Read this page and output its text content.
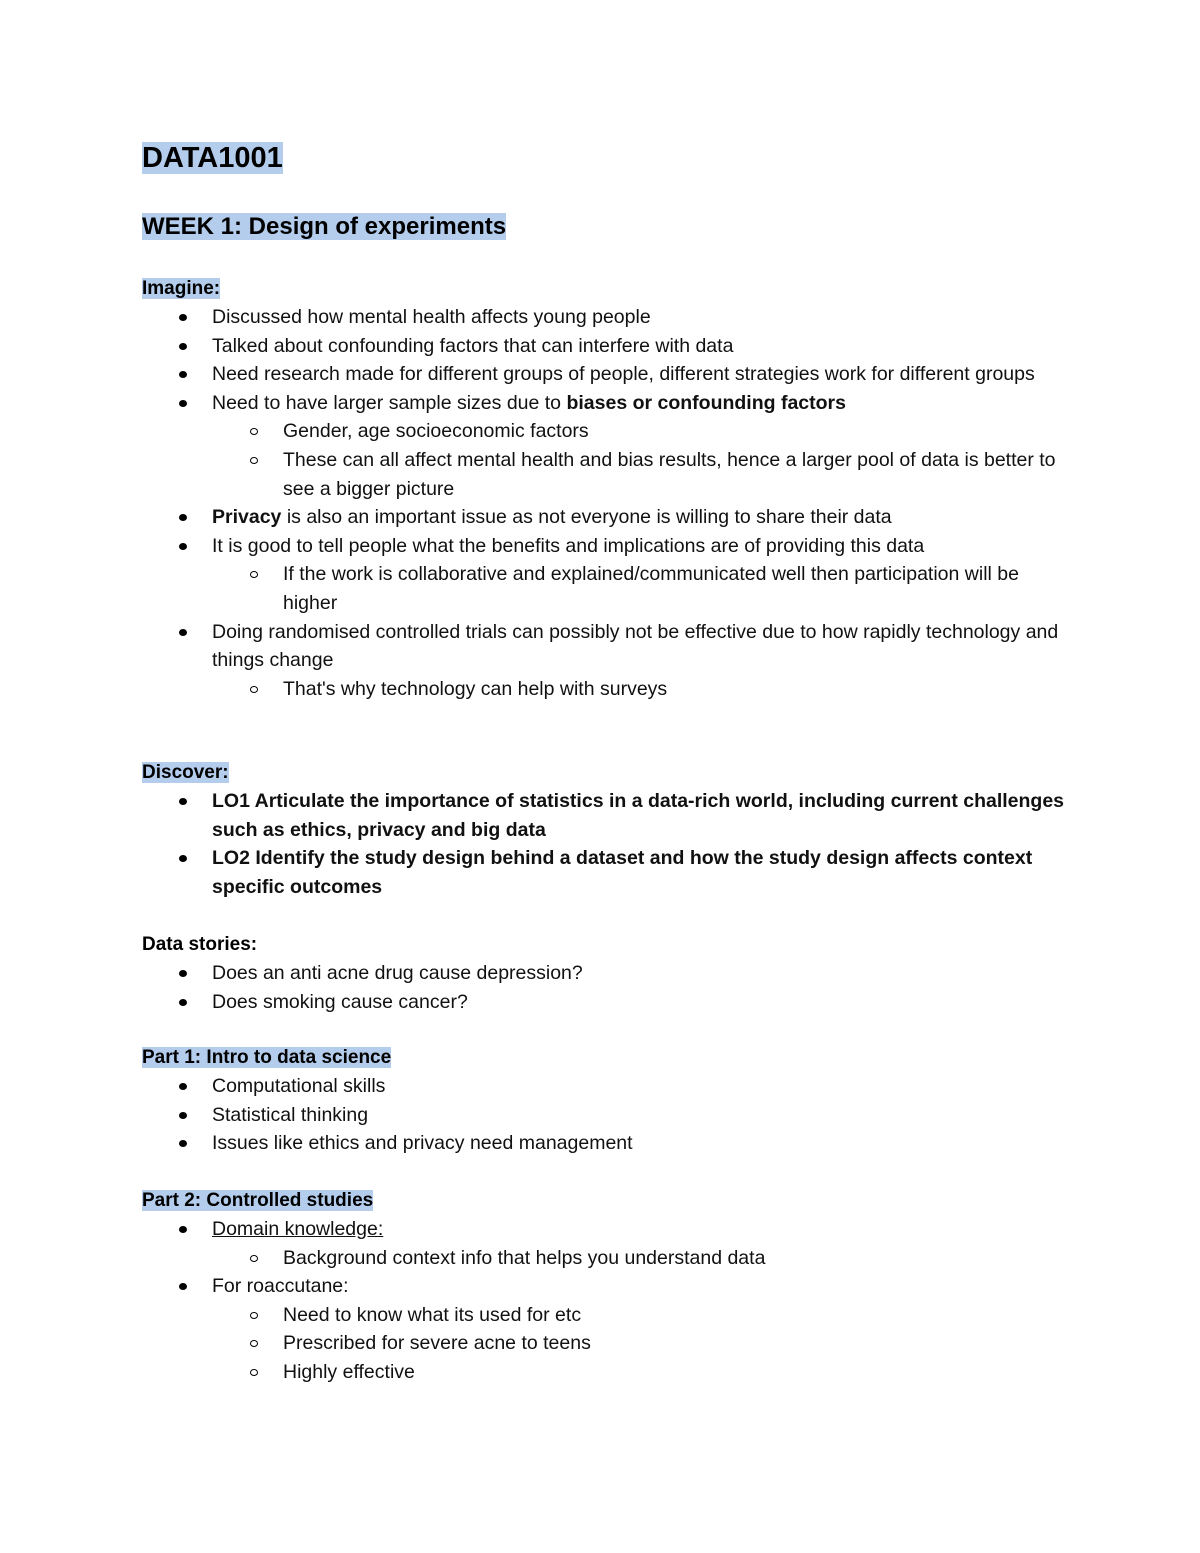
DATA1001
WEEK 1: Design of experiments
Imagine:
Discussed how mental health affects young people
Talked about confounding factors that can interfere with data
Need research made for different groups of people, different strategies work for different groups
Need to have larger sample sizes due to biases or confounding factors
Gender, age socioeconomic factors
These can all affect mental health and bias results, hence a larger pool of data is better to see a bigger picture
Privacy is also an important issue as not everyone is willing to share their data
It is good to tell people what the benefits and implications are of providing this data
If the work is collaborative and explained/communicated well then participation will be higher
Doing randomised controlled trials can possibly not be effective due to how rapidly technology and things change
That's why technology can help with surveys
Discover:
LO1 Articulate the importance of statistics in a data-rich world, including current challenges such as ethics, privacy and big data
LO2 Identify the study design behind a dataset and how the study design affects context specific outcomes
Data stories:
Does an anti acne drug cause depression?
Does smoking cause cancer?
Part 1: Intro to data science
Computational skills
Statistical thinking
Issues like ethics and privacy need management
Part 2: Controlled studies
Domain knowledge:
Background context info that helps you understand data
For roaccutane:
Need to know what its used for etc
Prescribed for severe acne to teens
Highly effective
